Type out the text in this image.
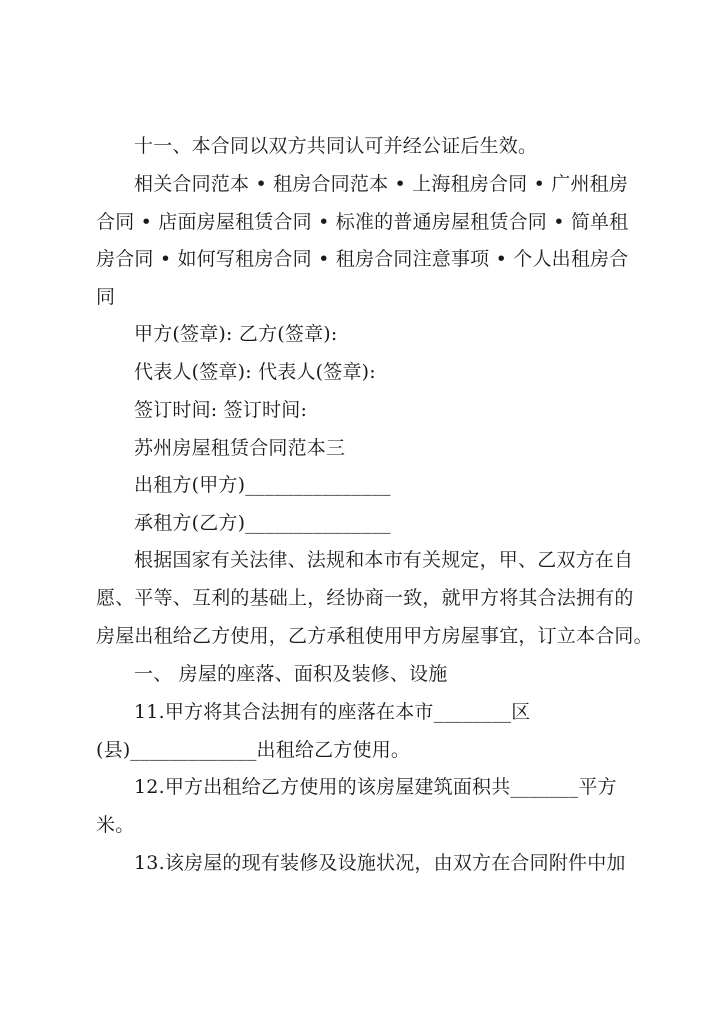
十一、本合同以双方共同认可并经公证后生效。
相关合同范本 • 租房合同范本 • 上海租房合同 • 广州租房
合同 • 店面房屋租赁合同 • 标准的普通房屋租赁合同 • 简单租
房合同 • 如何写租房合同 • 租房合同注意事项 • 个人出租房合
同
甲方(签章): 乙方(签章):
代表人(签章): 代表人(签章):
签订时间: 签订时间:
苏州房屋租赁合同范本三
出租方(甲方)_______________
承租方(乙方)_______________
根据国家有关法律、法规和本市有关规定，甲、乙双方在自
愿、平等、互利的基础上，经协商一致，就甲方将其合法拥有的
房屋出租给乙方使用，乙方承租使用甲方房屋事宜，订立本合同。
一、 房屋的座落、面积及装修、设施
11.甲方将其合法拥有的座落在本市________区
(县)_____________出租给乙方使用。
12.甲方出租给乙方使用的该房屋建筑面积共_______平方
米。
13.该房屋的现有装修及设施状况，由双方在合同附件中加
